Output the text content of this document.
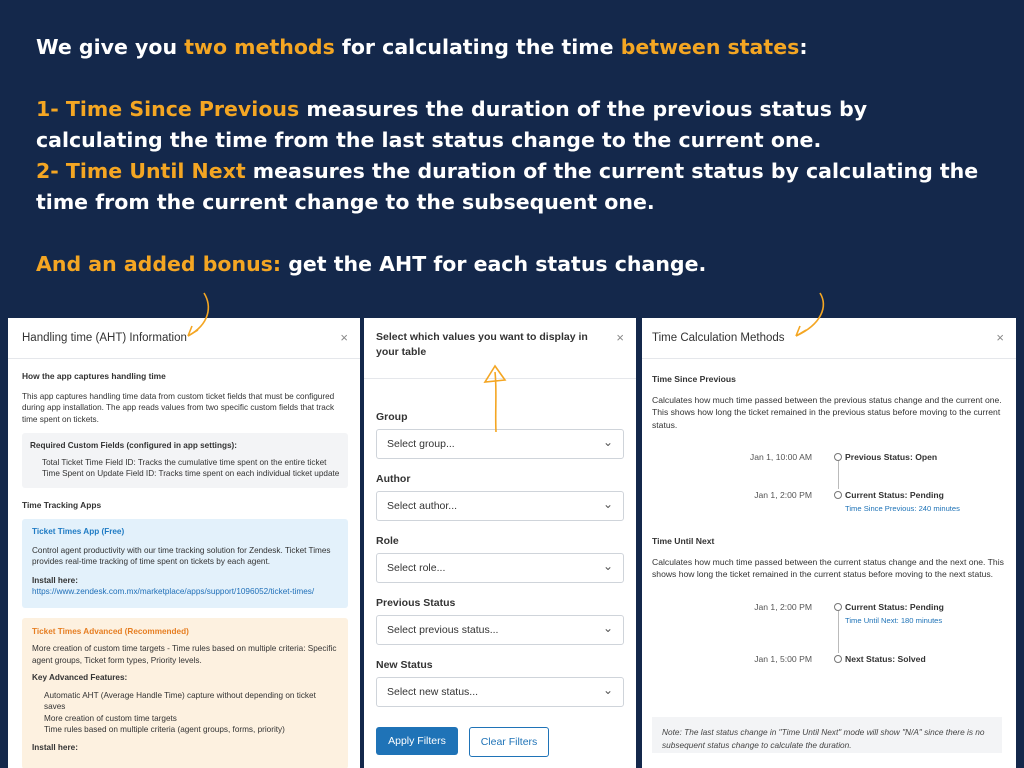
We give you two methods for calculating the time between states:

1- Time Since Previous measures the duration of the previous status by calculating the time from the last status change to the current one.

2- Time Until Next measures the duration of the current status by calculating the time from the current change to the subsequent one.

And an added bonus: get the AHT for each status change.

Handling time (AHT) Information	×
How the app captures handling time
This app captures handling time data from custom ticket fields that must be configured during app installation. The app reads values from two specific custom fields that track time spent on tickets.
Required Custom Fields (configured in app settings):
Total Ticket Time Field ID: Tracks the cumulative time spent on the entire ticket
Time Spent on Update Field ID: Tracks time spent on each individual ticket update
Time Tracking Apps
Ticket Times App (Free)
Control agent productivity with our time tracking solution for Zendesk. Ticket Times provides real-time tracking of time spent on tickets by each agent.
Install here:
https://www.zendesk.com.mx/marketplace/apps/support/1096052/ticket-times/
Ticket Times Advanced (Recommended)
More creation of custom time targets - Time rules based on multiple criteria: Specific agent groups, Ticket form types, Priority levels.
Key Advanced Features:
Automatic AHT (Average Handle Time) capture without depending on ticket saves
More creation of custom time targets
Time rules based on multiple criteria (agent groups, forms, priority)
Install here:
Select which values you want to display in your table
×
Group
Select group...	⌄
Author
Select author...	⌄
Role
Select role...	⌄
Previous Status
Select previous status...	⌄
New Status
Select new status...	⌄
Apply Filters	Clear Filters
Time Calculation Methods	×
Time Since Previous
Calculates how much time passed between the previous status change and the current one. This shows how long the ticket remained in the previous status before moving to the current status.
Jan 1, 10:00 AM	Previous Status: Open
Jan 1, 2:00 PM	Current Status: Pending
Time Since Previous: 240 minutes
Time Until Next
Calculates how much time passed between the current status change and the next one. This shows how long the ticket remained in the current status before moving to the next status.
Jan 1, 2:00 PM	Current Status: Pending
Time Until Next: 180 minutes
Jan 1, 5:00 PM	Next Status: Solved
Note: The last status change in "Time Until Next" mode will show "N/A" since there is no subsequent status change to calculate the duration.
